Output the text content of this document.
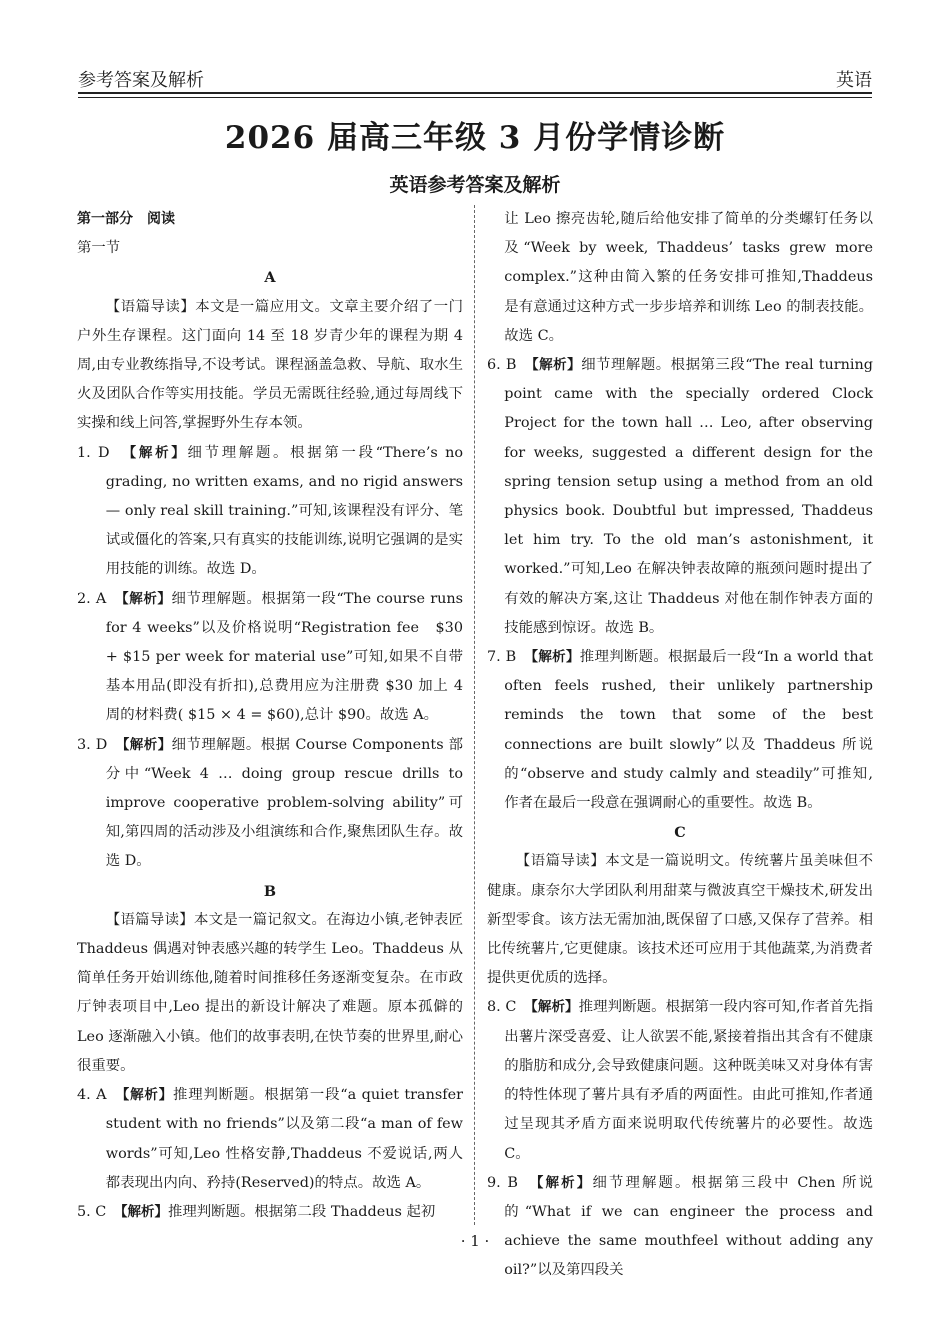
参考答案及解析	英语
2026 届高三年级 3 月份学情诊断
英语参考答案及解析

第一部分　阅读

第一节

A

【语篇导读】本文是一篇应用文。文章主要介绍了一门户外生存课程。这门面向 14 至 18 岁青少年的课程为期 4 周,由专业教练指导,不设考试。课程涵盖急救、导航、取水生火及团队合作等实用技能。学员无需既往经验,通过每周线下实操和线上问答,掌握野外生存本领。

1. D　 【解析】细节理解题。根据第一段“There’s no grading, no written exams, and no rigid answers — only real skill training.”可知,该课程没有评分、笔试或僵化的答案,只有真实的技能训练,说明它强调的是实用技能的训练。故选 D。

2. A　 【解析】细节理解题。根据第一段“The course runs for 4 weeks”以及价格说明“Registration fee　$30 + $15 per week for material use”可知,如果不自带基本用品(即没有折扣),总费用应为注册费 $30 加上 4 周的材料费( $15 × 4 = $60),总计 $90。故选 A。

3. D　 【解析】细节理解题。根据 Course Components 部分中“Week 4 … doing group rescue drills to improve cooperative problem-solving ability”可知,第四周的活动涉及小组演练和合作,聚焦团队生存。故选 D。

B

【语篇导读】本文是一篇记叙文。在海边小镇,老钟表匠 Thaddeus 偶遇对钟表感兴趣的转学生 Leo。Thaddeus 从简单任务开始训练他,随着时间推移任务逐渐变复杂。在市政厅钟表项目中,Leo 提出的新设计解决了难题。原本孤僻的 Leo 逐渐融入小镇。他们的故事表明,在快节奏的世界里,耐心很重要。

4. A　 【解析】推理判断题。根据第一段“a quiet transfer student with no friends”以及第二段“a man of few words”可知,Leo 性格安静,Thaddeus 不爱说话,两人都表现出内向、矜持(Reserved)的特点。故选 A。

5. C　 【解析】推理判断题。根据第二段 Thaddeus 起初

让 Leo 擦亮齿轮,随后给他安排了简单的分类螺钉任务以及“Week by week, Thaddeus’ tasks grew more complex.”这种由简入繁的任务安排可推知,Thaddeus 是有意通过这种方式一步步培养和训练 Leo 的制表技能。故选 C。

6. B　 【解析】细节理解题。根据第三段“The real turning point came with the specially ordered Clock Project for the town hall … Leo, after observing for weeks, suggested a different design for the spring tension setup using a method from an old physics book. Doubtful but impressed, Thaddeus let him try. To the old man’s astonishment, it worked.”可知,Leo 在解决钟表故障的瓶颈问题时提出了有效的解决方案,这让 Thaddeus 对他在制作钟表方面的技能感到惊讶。故选 B。

7. B　 【解析】推理判断题。根据最后一段“In a world that often feels rushed, their unlikely partnership reminds the town that some of the best connections are built slowly”以及 Thaddeus 所说的“observe and study calmly and steadily”可推知,作者在最后一段意在强调耐心的重要性。故选 B。

C

【语篇导读】本文是一篇说明文。传统薯片虽美味但不健康。康奈尔大学团队利用甜菜与微波真空干燥技术,研发出新型零食。该方法无需加油,既保留了口感,又保存了营养。相比传统薯片,它更健康。该技术还可应用于其他蔬菜,为消费者提供更优质的选择。

8. C　 【解析】推理判断题。根据第一段内容可知,作者首先指出薯片深受喜爱、让人欲罢不能,紧接着指出其含有不健康的脂肪和成分,会导致健康问题。这种既美味又对身体有害的特性体现了薯片具有矛盾的两面性。由此可推知,作者通过呈现其矛盾方面来说明取代传统薯片的必要性。故选 C。

9. B　 【解析】细节理解题。根据第三段中 Chen 所说的“What if we can engineer the process and achieve the same mouthfeel without adding any oil?”以及第四段关

· 1 ·
